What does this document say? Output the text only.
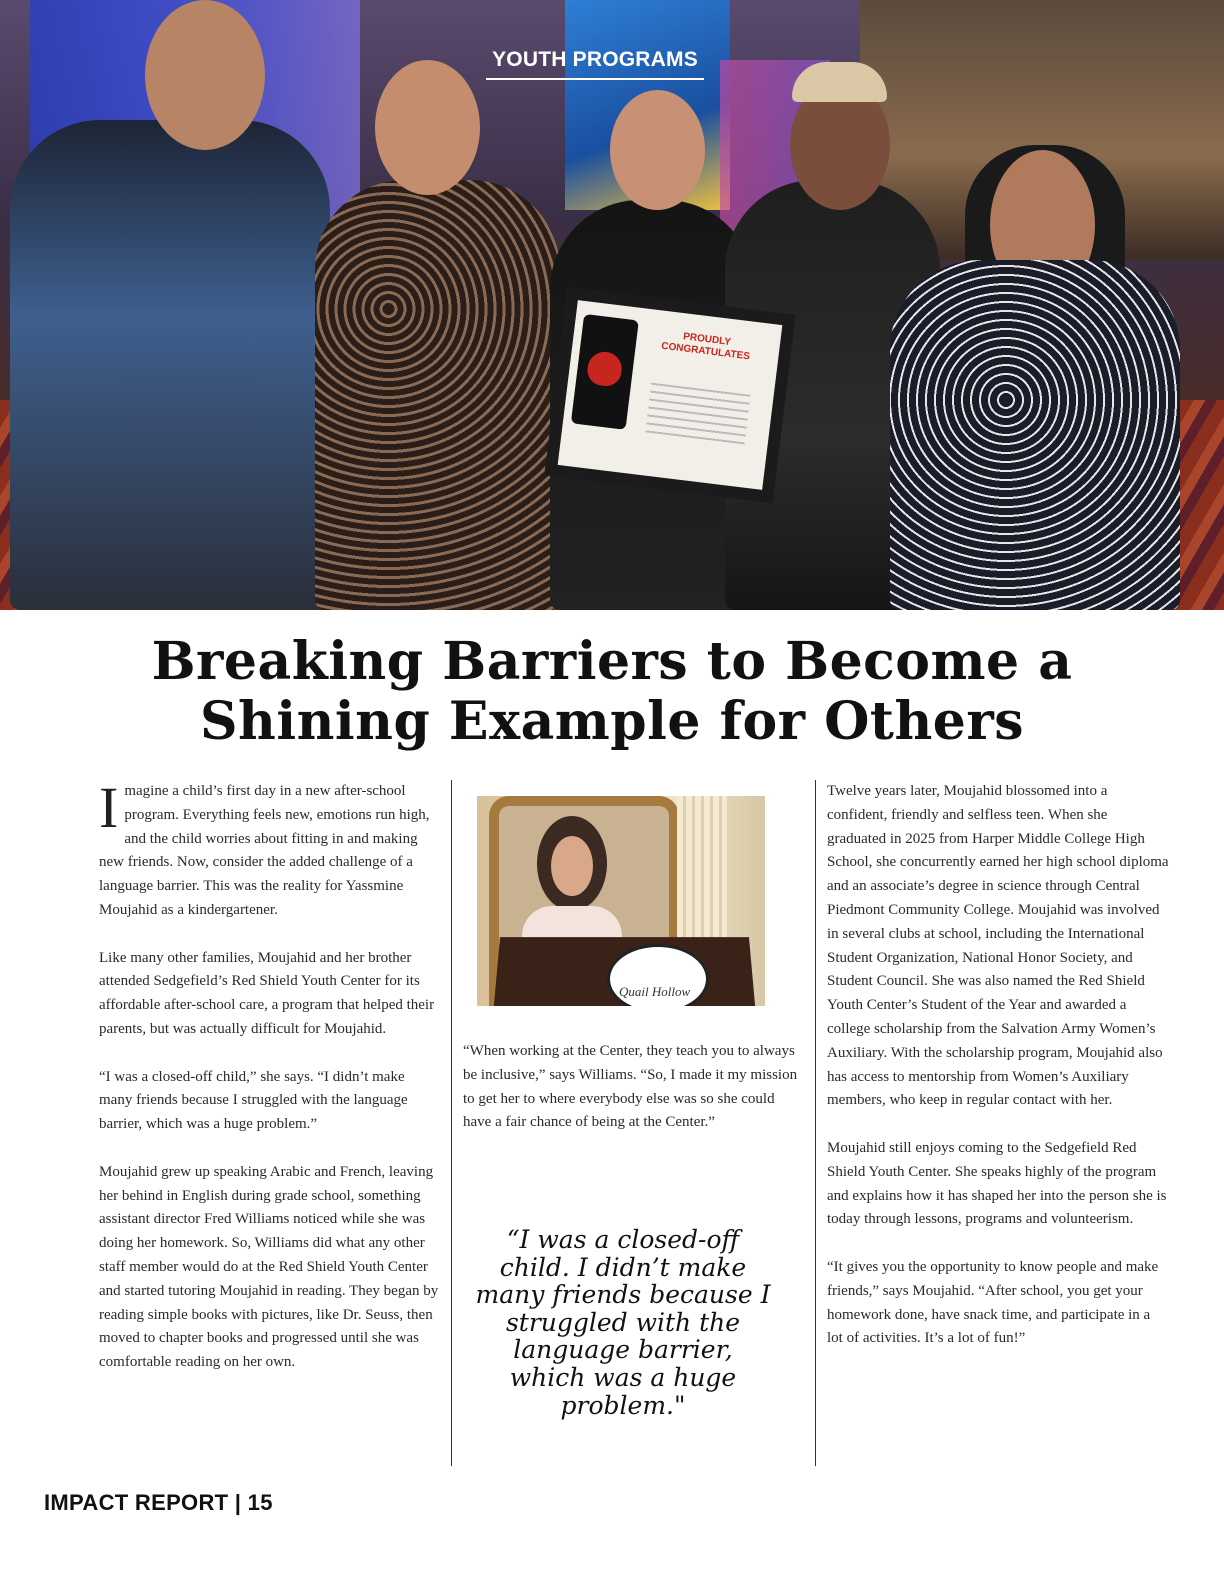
PROUDLY CONGRATULATES
YOUTH PROGRAMS
Breaking Barriers to Become a
Shining Example for Others

Imagine a child’s first day in a new after-school program. Everything feels new, emotions run high, and the child worries about fitting in and making new friends. Now, consider the added challenge of a language barrier. This was the reality for Yassmine Moujahid as a kindergartener.

Like many other families, Moujahid and her brother attended Sedgefield’s Red Shield Youth Center for its affordable after-school care, a program that helped their parents, but was actually difficult for Moujahid.

“I was a closed-off child,” she says. “I didn’t make many friends because I struggled with the language barrier, which was a huge problem.”

Moujahid grew up speaking Arabic and French, leaving her behind in English during grade school, something assistant director Fred Williams noticed while she was doing her homework. So, Williams did what any other staff member would do at the Red Shield Youth Center and started tutoring Moujahid in reading. They began by reading simple books with pictures, like Dr. Seuss, then moved to chapter books and progressed until she was comfortable reading on her own.

Quail Hollow

“When working at the Center, they teach you to always be inclusive,” says Williams. “So, I made it my mission to get her to where everybody else was so she could have a fair chance of being at the Center.”

“I was a closed-off child. I didn’t make many friends because I struggled with the language barrier, which was a huge problem."

Twelve years later, Moujahid blossomed into a confident, friendly and selfless teen. When she graduated in 2025 from Harper Middle College High School, she concurrently earned her high school diploma and an associate’s degree in science through Central Piedmont Community College. Moujahid was involved in several clubs at school, including the International Student Organization, National Honor Society, and Student Council. She was also named the Red Shield Youth Center’s Student of the Year and awarded a college scholarship from the Salvation Army Women’s Auxiliary. With the scholarship program, Moujahid also has access to mentorship from Women’s Auxiliary members, who keep in regular contact with her.

Moujahid still enjoys coming to the Sedgefield Red Shield Youth Center. She speaks highly of the program and explains how it has shaped her into the person she is today through lessons, programs and volunteerism.

“It gives you the opportunity to know people and make friends,” says Moujahid. “After school, you get your homework done, have snack time, and participate in a lot of activities. It’s a lot of fun!”

IMPACT REPORT | 15
